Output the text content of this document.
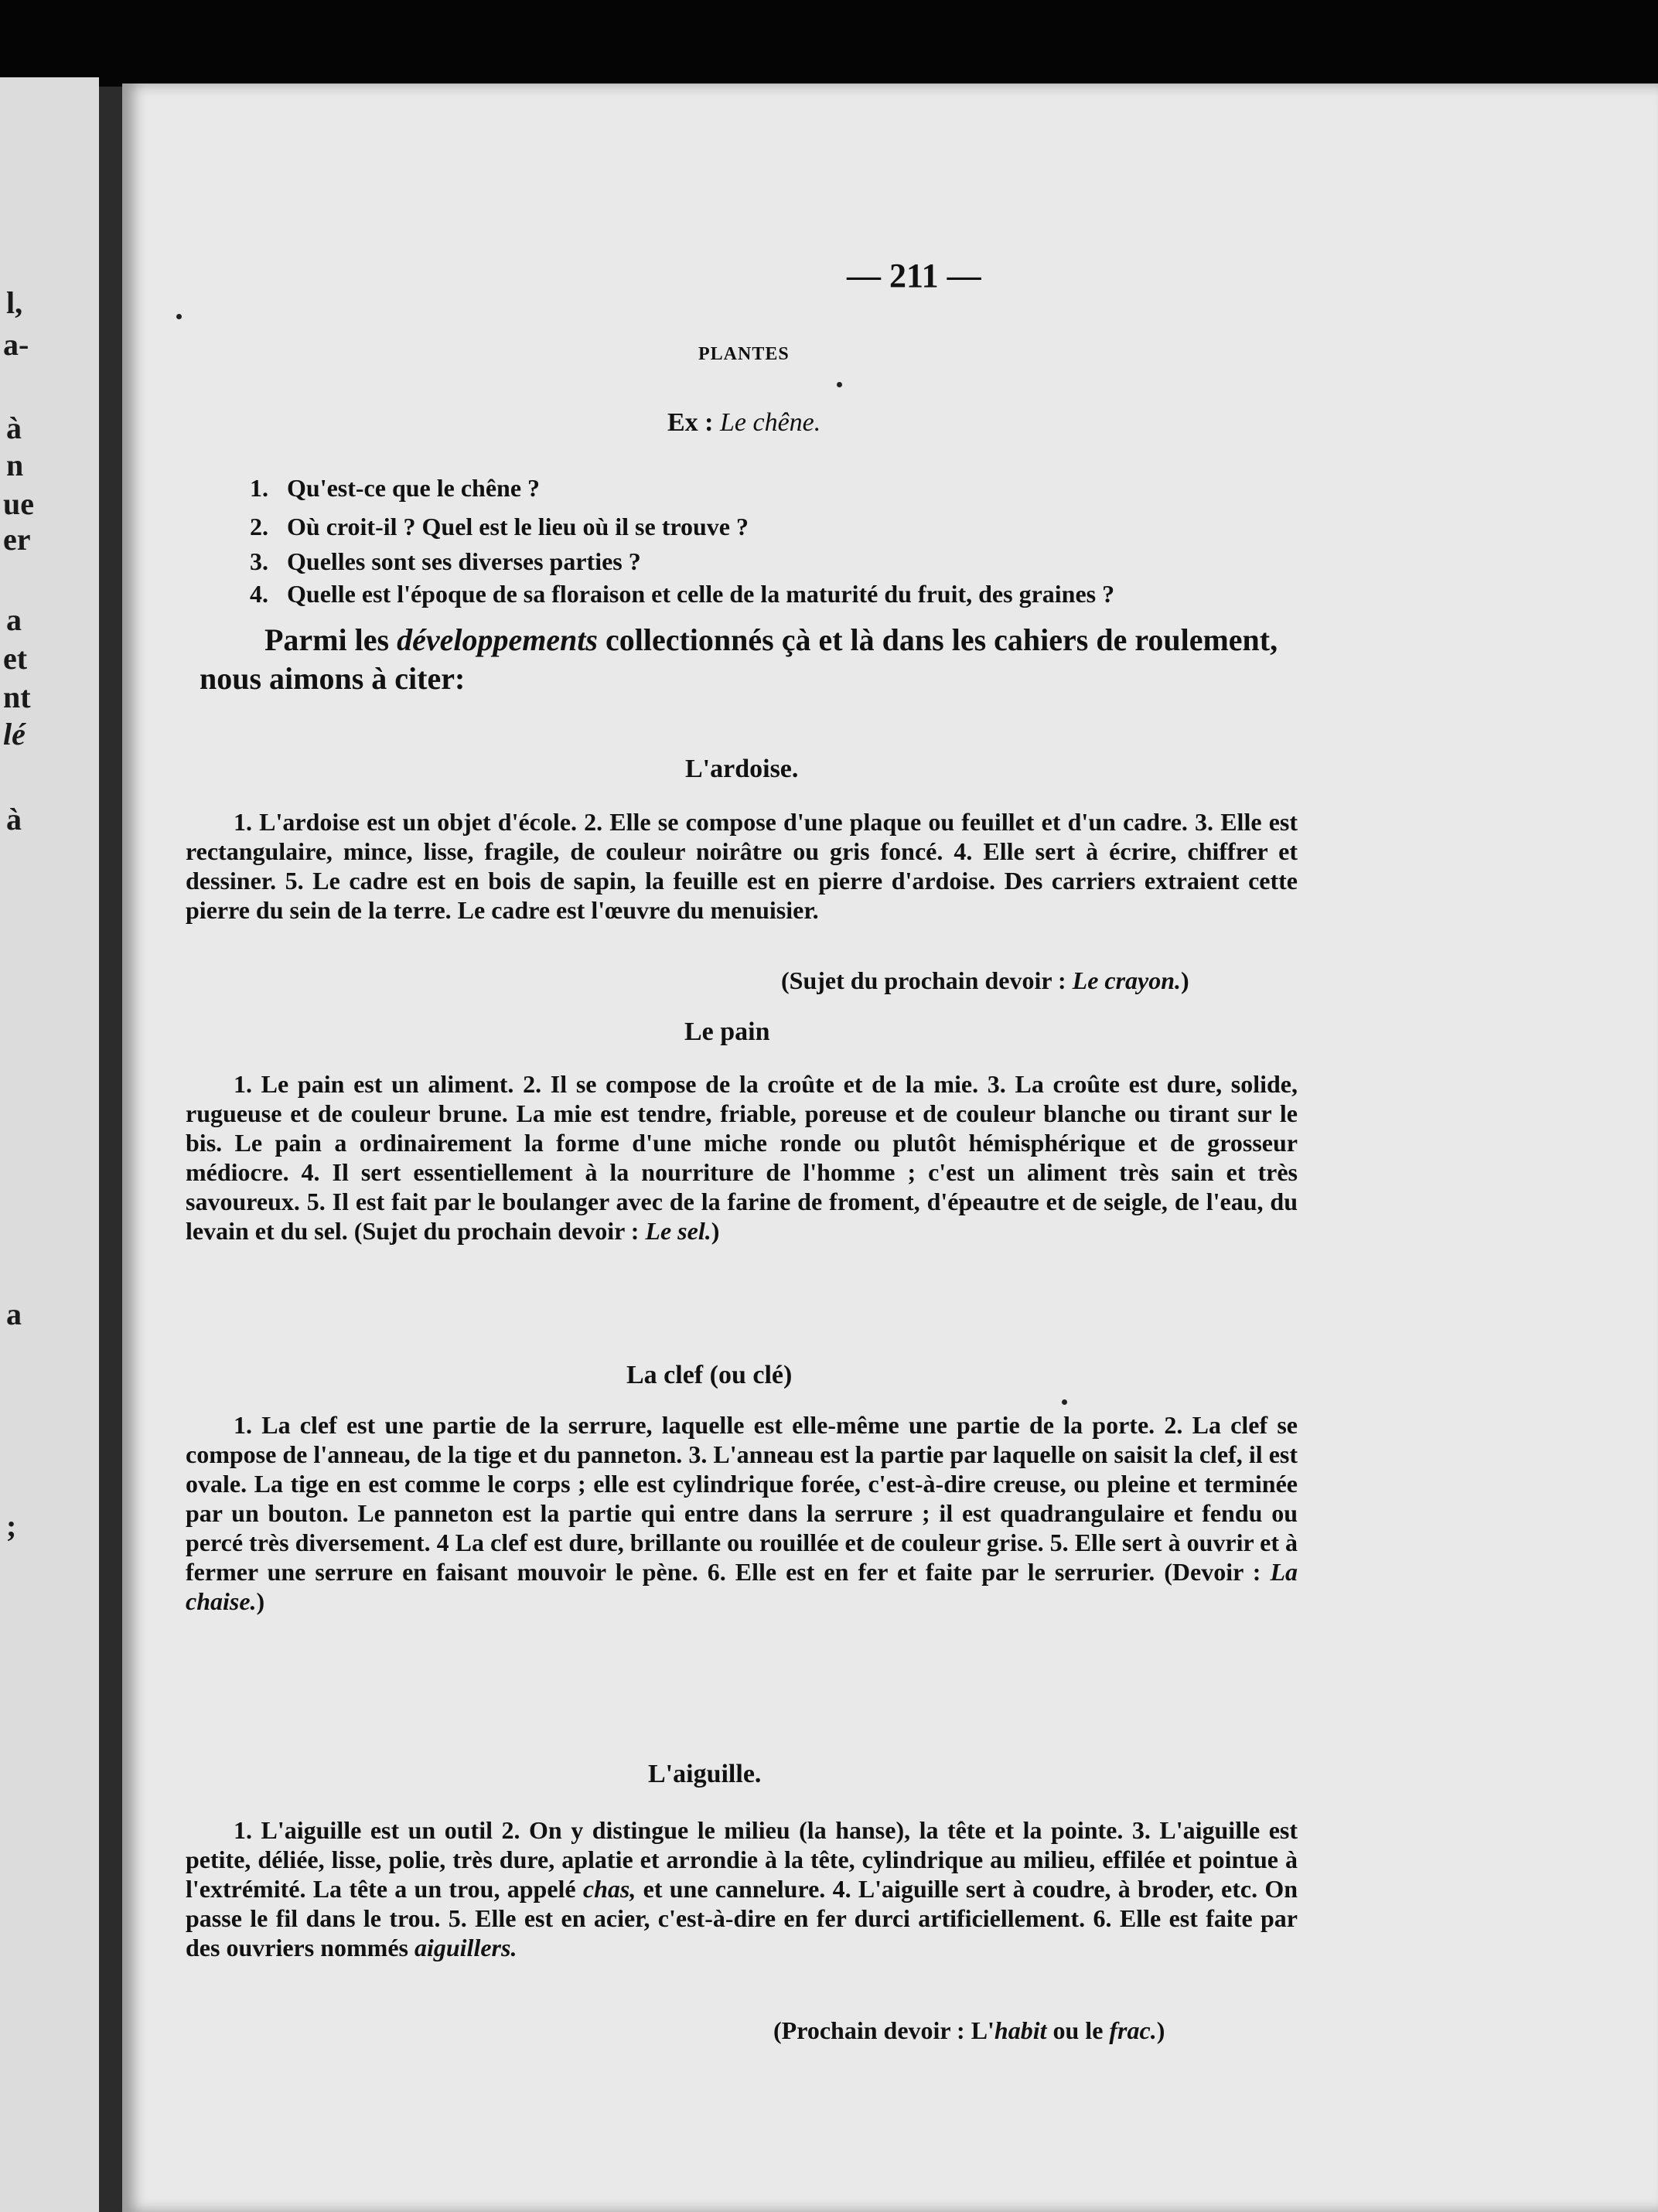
l,
a-
à
n
ue
er
a
et
nt
lé
à
a
;
— 211 —
PLANTES
Ex : Le chêne.
1. Qu'est-ce que le chêne ?
2. Où croit-il ? Quel est le lieu où il se trouve ?
3. Quelles sont ses diverses parties ?
4. Quelle est l'époque de sa floraison et celle de la maturité du fruit, des graines ?
Parmi les développements collectionnés çà et là dans les cahiers de roulement, nous aimons à citer:
L'ardoise.
1. L'ardoise est un objet d'école. 2. Elle se compose d'une plaque ou feuillet et d'un cadre. 3. Elle est rectangulaire, mince, lisse, fragile, de couleur noirâtre ou gris foncé. 4. Elle sert à écrire, chiffrer et dessiner. 5. Le cadre est en bois de sapin, la feuille est en pierre d'ardoise. Des carriers extraient cette pierre du sein de la terre. Le cadre est l'œuvre du menuisier.
(Sujet du prochain devoir : Le crayon.)
Le pain
1. Le pain est un aliment. 2. Il se compose de la croûte et de la mie. 3. La croûte est dure, solide, rugueuse et de couleur brune. La mie est tendre, friable, poreuse et de couleur blanche ou tirant sur le bis. Le pain a ordinairement la forme d'une miche ronde ou plutôt hémisphérique et de grosseur médiocre. 4. Il sert essentiellement à la nourriture de l'homme ; c'est un aliment très sain et très savoureux. 5. Il est fait par le boulanger avec de la farine de froment, d'épeautre et de seigle, de l'eau, du levain et du sel. (Sujet du prochain devoir : Le sel.)
La clef (ou clé)
1. La clef est une partie de la serrure, laquelle est elle-même une partie de la porte. 2. La clef se compose de l'anneau, de la tige et du panneton. 3. L'anneau est la partie par laquelle on saisit la clef, il est ovale. La tige en est comme le corps ; elle est cylindrique forée, c'est-à-dire creuse, ou pleine et terminée par un bouton. Le panneton est la partie qui entre dans la serrure ; il est quadrangulaire et fendu ou percé très diversement. 4 La clef est dure, brillante ou rouillée et de couleur grise. 5. Elle sert à ouvrir et à fermer une serrure en faisant mouvoir le pène. 6. Elle est en fer et faite par le serrurier. (Devoir : La chaise.)
L'aiguille.
1. L'aiguille est un outil 2. On y distingue le milieu (la hanse), la tête et la pointe. 3. L'aiguille est petite, déliée, lisse, polie, très dure, aplatie et arrondie à la tête, cylindrique au milieu, effilée et pointue à l'extrémité. La tête a un trou, appelé chas, et une cannelure. 4. L'aiguille sert à coudre, à broder, etc. On passe le fil dans le trou. 5. Elle est en acier, c'est-à-dire en fer durci artificiellement. 6. Elle est faite par des ouvriers nommés aiguillers.
(Prochain devoir : L'habit ou le frac.)
